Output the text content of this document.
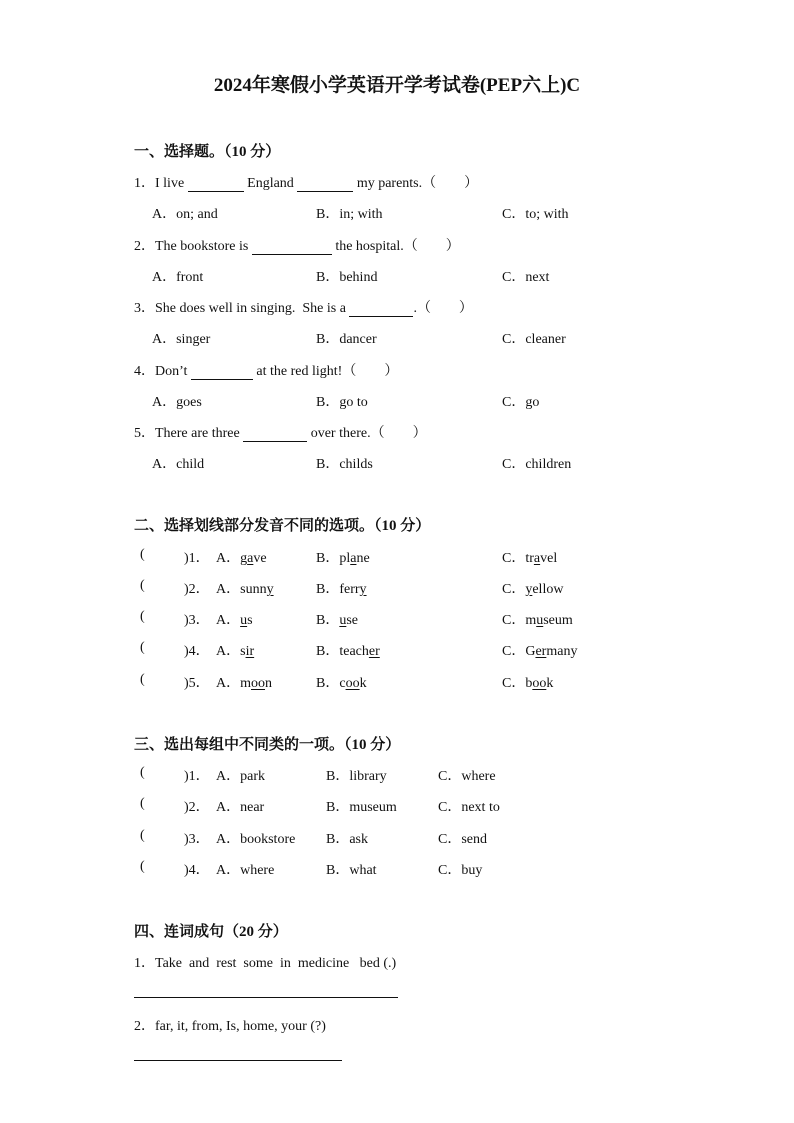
2024年寒假小学英语开学考试卷(PEP六上)C
一、选择题。（10 分）
1．I live	England	my parents.（        ）
A．on; and	B．in; with	C．to; with
2．The bookstore is	the hospital.（        ）
A．front	B．behind	C．next
3．She does well in singing.  She is a	.（        ）
A．singer	B．dancer	C．cleaner
4．Don’t	at the red light!（        ）
A．goes	B．go to	C．go
5．There are three	over there.（        ）
A．child	B．childs	C．children
二、选择划线部分发音不同的选项。（10 分）
(	)1． A．gave	B．plane	C．travel
(	)2． A．sunny	B．ferry	C．yellow
(	)3． A．us	B．use	C．museum
(	)4． A．sir	B．teacher	C．Germany
(	)5． A．moon	B．cook	C．book
三、选出每组中不同类的一项。（10 分）
(	)1． A．park	B．library	C．where
(	)2． A．near	B．museum	C．next to
(	)3． A．bookstore B．ask	C．send
(	)4． A．where	B．what	C．buy
四、连词成句（20 分）
1．Take  and  rest  some  in  medicine   bed (.)
2．far, it, from, Is, home, your (?)
